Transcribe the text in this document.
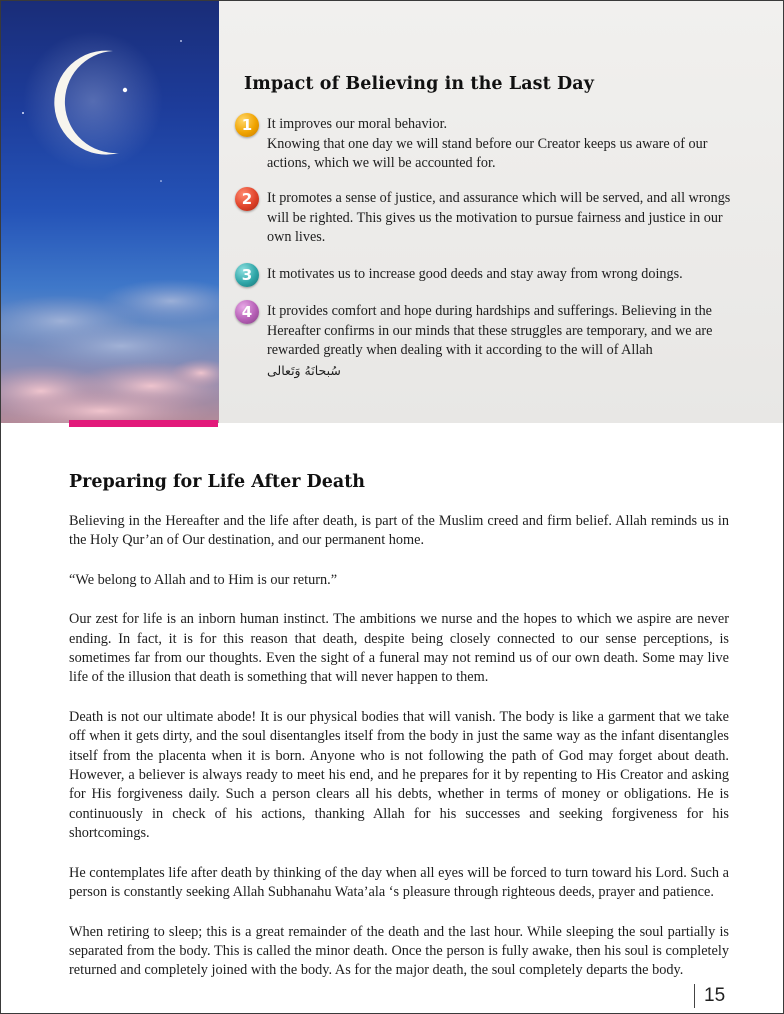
Impact of Believing in the Last Day
1	It improves our moral behavior.

Knowing that one day we will stand before our Creator keeps us aware of our actions, which we will be accounted for.

2	It promotes a sense of justice, and assurance which will be served, and all wrongs will be righted. This gives us the motivation to pursue fairness and justice in our own lives.

3	It motivates us to increase good deeds and stay away from wrong doings.

4	It provides comfort and hope during hardships and sufferings. Believing in the Hereafter confirms in our minds that these struggles are temporary, and we are rewarded greatly when dealing with it according to the will of Allah

سُبحانَهُ وَتَعالى

Preparing for Life After Death

Believing in the Hereafter and the life after death, is part of the Muslim creed and firm belief. Allah reminds us in the Holy Qur’an of Our destination, and our permanent home.

“We belong to Allah and to Him is our return.”

Our zest for life is an inborn human instinct. The ambitions we nurse and the hopes to which we aspire are never ending. In fact, it is for this reason that death, despite being closely connected to our sense perceptions, is sometimes far from our thoughts. Even the sight of a funeral may not remind us of our own death. Some may live life of the illusion that death is something that will never happen to them.

Death is not our ultimate abode! It is our physical bodies that will vanish. The body is like a garment that we take off when it gets dirty, and the soul disentangles itself from the body in just the same way as the infant disentangles itself from the placenta when it is born. Anyone who is not following the path of God may forget about death. However, a believer is always ready to meet his end, and he prepares for it by repenting to His Creator and asking for His forgiveness daily. Such a person clears all his debts, whether in terms of money or obligations. He is continuously in check of his actions, thanking Allah for his successes and seeking forgiveness for his shortcomings.

He contemplates life after death by thinking of the day when all eyes will be forced to turn toward his Lord. Such a person is constantly seeking Allah Subhanahu Wata’ala ‘s pleasure through righteous deeds, prayer and patience.

When retiring to sleep; this is a great remainder of the death and the last hour. While sleeping the soul partially is separated from the body. This is called the minor death. Once the person is fully awake, then his soul is completely returned and completely joined with the body. As for the major death, the soul completely departs the body.

15
